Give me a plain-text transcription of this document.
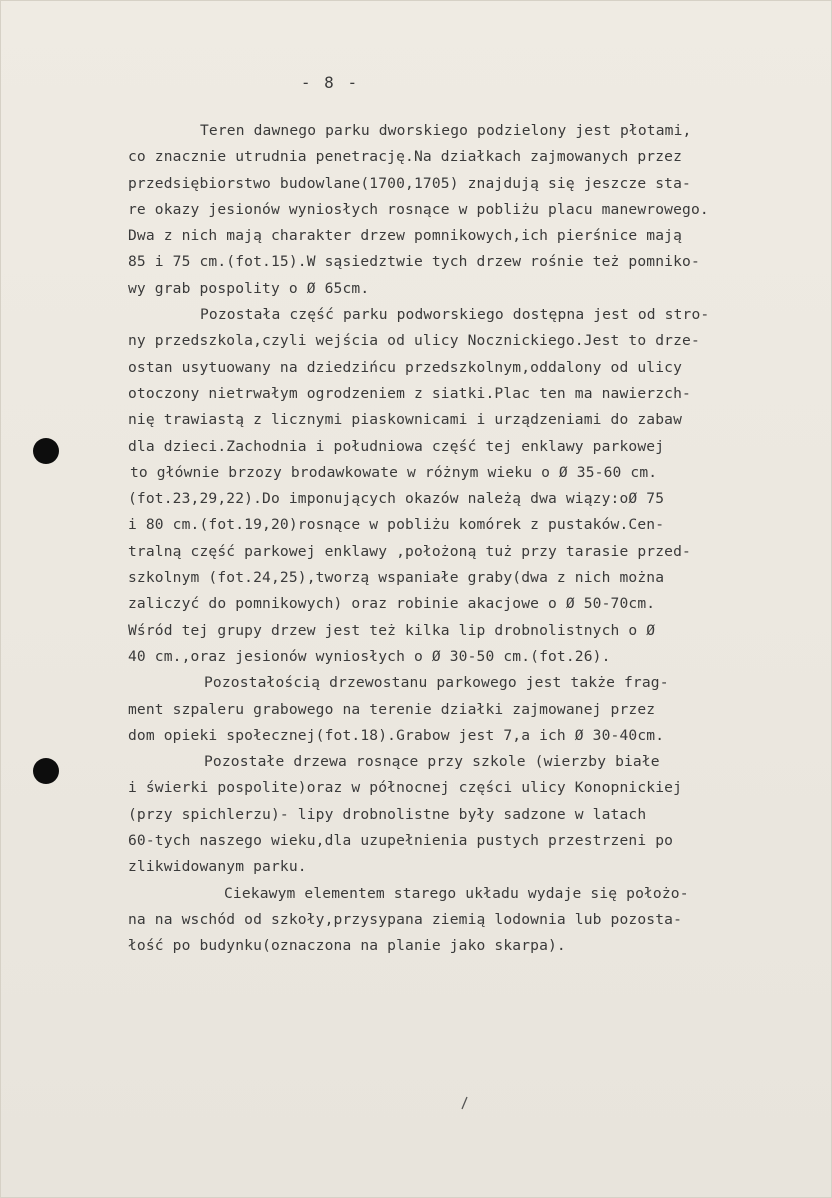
- 8 -
Teren dawnego parku dworskiego podzielony jest płotami,
co znacznie utrudnia penetrację.Na działkach zajmowanych przez
przedsiębiorstwo budowlane(1700,1705) znajdują się jeszcze sta-
re okazy jesionów wyniosłych rosnące w pobliżu placu manewrowego.
Dwa z nich mają charakter drzew pomnikowych,ich pierśnice mają
85 i 75 cm.(fot.15).W sąsiedztwie tych drzew rośnie też pomniko-
wy grab pospolity o Ø 65cm.
Pozostała część parku podworskiego dostępna jest od stro-
ny przedszkola,czyli wejścia od ulicy Nocznickiego.Jest to drze-
ostan usytuowany na dziedzińcu przedszkolnym,oddalony od ulicy
otoczony nietrwałym ogrodzeniem z siatki.Plac ten ma nawierzch-
nię trawiastą z licznymi piaskownicami i urządzeniami do zabaw
dla dzieci.Zachodnia i południowa część tej enklawy parkowej
to głównie brzozy brodawkowate w różnym wieku o Ø 35-60 cm.
(fot.23,29,22).Do imponujących okazów należą dwa wiązy:oØ 75
i 80 cm.(fot.19,20)rosnące w pobliżu komórek z pustaków.Cen-
tralną część parkowej enklawy ,położoną tuż przy tarasie przed-
szkolnym (fot.24,25),tworzą wspaniałe graby(dwa z nich można
zaliczyć do pomnikowych) oraz robinie akacjowe o Ø 50-70cm.
Wśród tej grupy drzew jest też kilka lip drobnolistnych o Ø
40 cm.,oraz jesionów wyniosłych o Ø 30-50 cm.(fot.26).
Pozostałością drzewostanu parkowego jest także frag-
ment szpaleru grabowego na terenie działki zajmowanej przez
dom opieki społecznej(fot.18).Grabow jest 7,a ich Ø 30-40cm.
Pozostałe drzewa rosnące przy szkole (wierzby białe
i świerki pospolite)oraz w północnej części ulicy Konopnickiej
(przy spichlerzu)- lipy drobnolistne były sadzone w latach
60-tych naszego wieku,dla uzupełnienia pustych przestrzeni po
zlikwidowanym parku.
Ciekawym elementem starego układu wydaje się położo-
na na wschód od szkoły,przysypana ziemią lodownia lub pozosta-
łość po budynku(oznaczona na planie jako skarpa).
